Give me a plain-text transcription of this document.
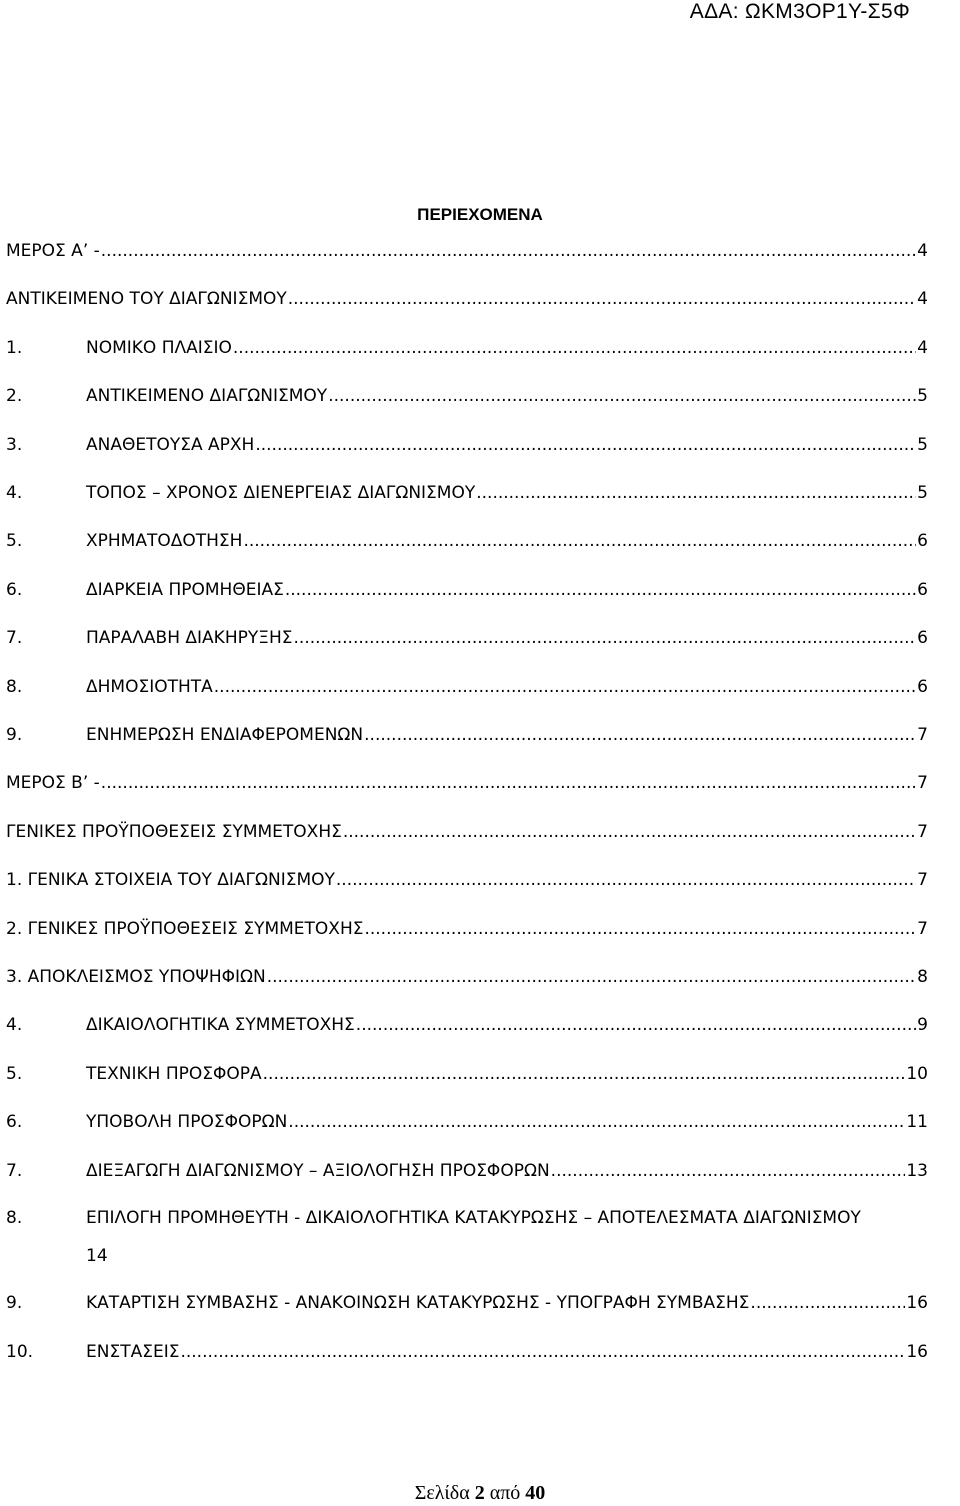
ΑΔΑ: ΩΚΜ3ΟΡ1Υ-Σ5Φ
ΠΕΡΙΕΧΟΜΕΝΑ
ΜΕΡΟΣ Α’ - .....	4
ΑΝΤΙΚΕΙΜΕΝΟ ΤΟΥ ΔΙΑΓΩΝΙΣΜΟΥ .....	4
1.	ΝΟΜΙΚΟ ΠΛΑΙΣΙΟ .....	4
2.	ΑΝΤΙΚΕΙΜΕΝΟ ΔΙΑΓΩΝΙΣΜΟΥ .....	5
3.	ΑΝΑΘΕΤΟΥΣΑ ΑΡΧΗ .....	5
4.	ΤΟΠΟΣ – ΧΡΟΝΟΣ ΔΙΕΝΕΡΓΕΙΑΣ ΔΙΑΓΩΝΙΣΜΟΥ .....	5
5.	ΧΡΗΜΑΤΟΔΟΤΗΣΗ .....	6
6.	ΔΙΑΡΚΕΙΑ ΠΡΟΜΗΘΕΙΑΣ .....	6
7.	ΠΑΡΑΛΑΒΗ ΔΙΑΚΗΡΥΞΗΣ .....	6
8.	ΔΗΜΟΣΙΟΤΗΤΑ .....	6
9.	ΕΝΗΜΕΡΩΣΗ ΕΝΔΙΑΦΕΡΟΜΕΝΩΝ .....	7
ΜΕΡΟΣ Β’ - .....	7
ΓΕΝΙΚΕΣ ΠΡΟΫΠΟΘΕΣΕΙΣ ΣΥΜΜΕΤΟΧΗΣ .....	7
1. ΓΕΝΙΚΑ ΣΤΟΙΧΕΙΑ ΤΟΥ ΔΙΑΓΩΝΙΣΜΟΥ .....	7
2. ΓΕΝΙΚΕΣ ΠΡΟΫΠΟΘΕΣΕΙΣ ΣΥΜΜΕΤΟΧΗΣ .....	7
3. ΑΠΟΚΛΕΙΣΜΟΣ ΥΠΟΨΗΦΙΩΝ .....	8
4.	ΔΙΚΑΙΟΛΟΓΗΤΙΚΑ ΣΥΜΜΕΤΟΧΗΣ .....	9
5.	ΤΕΧΝΙΚΗ ΠΡΟΣΦΟΡΑ .....	10
6.	ΥΠΟΒΟΛΗ ΠΡΟΣΦΟΡΩΝ .....	11
7.	ΔΙΕΞΑΓΩΓΗ ΔΙΑΓΩΝΙΣΜΟΥ – ΑΞΙΟΛΟΓΗΣΗ ΠΡΟΣΦΟΡΩΝ .....	13
8.	ΕΠΙΛΟΓΗ ΠΡΟΜΗΘΕΥΤΗ - ΔΙΚΑΙΟΛΟΓΗΤΙΚΑ ΚΑΤΑΚΥΡΩΣΗΣ – ΑΠΟΤΕΛΕΣΜΑΤΑ ΔΙΑΓΩΝΙΣΜΟΥ
14
9.	ΚΑΤΑΡΤΙΣΗ ΣΥΜΒΑΣΗΣ - ΑΝΑΚΟΙΝΩΣΗ ΚΑΤΑΚΥΡΩΣΗΣ - ΥΠΟΓΡΑΦΗ ΣΥΜΒΑΣΗΣ .....	16
10.	ΕΝΣΤΑΣΕΙΣ .....	16
Σελίδα 2 από 40
